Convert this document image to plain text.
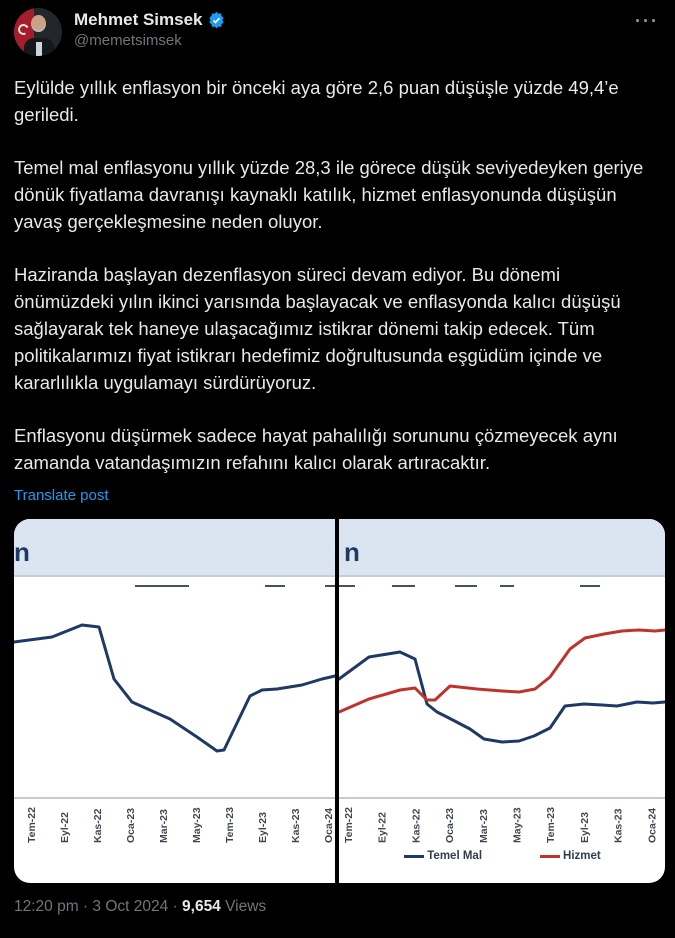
Mehmet Simsek
@memetsimsek
···

Eylülde yıllık enflasyon bir önceki aya göre 2,6 puan düşüşle yüzde 49,4’e geriledi.

Temel mal enflasyonu yıllık yüzde 28,3 ile görece düşük seviyedeyken geriye dönük fiyatlama davranışı kaynaklı katılık, hizmet enflasyonunda düşüşün yavaş gerçekleşmesine neden oluyor.

Haziranda başlayan dezenflasyon süreci devam ediyor. Bu dönemi önümüzdeki yılın ikinci yarısında başlayacak ve enflasyonda kalıcı düşüşü sağlayarak tek haneye ulaşacağımız istikrar dönemi takip edecek. Tüm politikalarımızı fiyat istikrarı hedefimiz doğrultusunda eşgüdüm içinde ve kararlılıkla uygulamayı sürdürüyoruz.

Enflasyonu düşürmek sadece hayat pahalılığı sorununu çözmeyecek aynı zamanda vatandaşımızın refahını kalıcı olarak artıracaktır.

Translate post
n	n
Tem-22 Eyl-22 Kas-22 Oca-23 Mar-23 May-23 Tem-23 Eyl-23 Kas-23 Oca-24 Tem-22 Eyl-22 Kas-22 Oca-23 Mar-23 May-23 Tem-23 Eyl-23 Kas-23 Oca-24
Temel Mal	Hizmet
12:20 pm · 3 Oct 2024 · 9,654 Views
